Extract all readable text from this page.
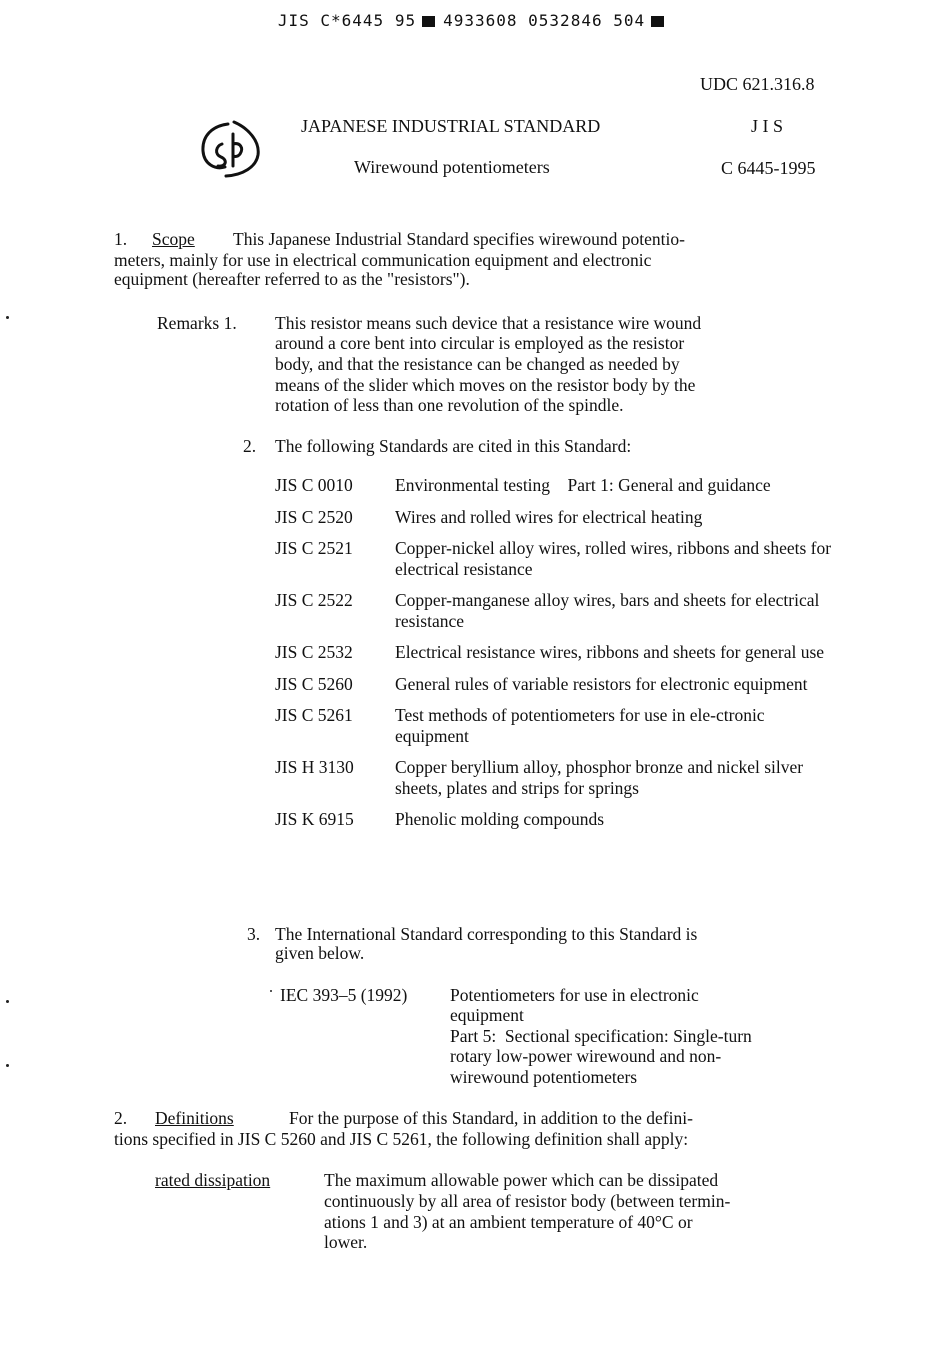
JIS C*6445 95 4933608 0532846 504
UDC 621.316.8
JAPANESE INDUSTRIAL STANDARD	J I S
Wirewound potentiometers	C 6445-1995
1. Scope This Japanese Industrial Standard specifies wirewound potentio-
meters, mainly for use in electrical communication equipment and electronic
equipment (hereafter referred to as the "resistors").
Remarks 1. This resistor means such device that a resistance wire wound
around a core bent into circular is employed as the resistor
body, and that the resistance can be changed as needed by
means of the slider which moves on the resistor body by the
rotation of less than one revolution of the spindle.
2. The following Standards are cited in this Standard:
JIS C 0010	Environmental testing    Part 1: General and guidance
JIS C 2520	Wires and rolled wires for electrical heating
JIS C 2521	Copper-nickel alloy wires, rolled wires, ribbons and sheets for electrical resistance
JIS C 2522	Copper-manganese alloy wires, bars and sheets for electrical resistance
JIS C 2532	Electrical resistance wires, ribbons and sheets for general use
JIS C 5260	General rules of variable resistors for electronic equipment
JIS C 5261	Test methods of potentiometers for use in ele-ctronic equipment
JIS H 3130	Copper beryllium alloy, phosphor bronze and nickel silver sheets, plates and strips for springs
JIS K 6915	Phenolic molding compounds
3. The International Standard corresponding to this Standard is
given below.
IEC 393–5 (1992) Potentiometers for use in electronic
equipment
Part 5:  Sectional specification: Single-turn
rotary low-power wirewound and non-
wirewound potentiometers
2. Definitions	For the purpose of this Standard, in addition to the defini-
tions specified in JIS C 5260 and JIS C 5261, the following definition shall apply:
rated dissipation	The maximum allowable power which can be dissipated
continuously by all area of resistor body (between termin-
ations 1 and 3) at an ambient temperature of 40°C or
lower.
